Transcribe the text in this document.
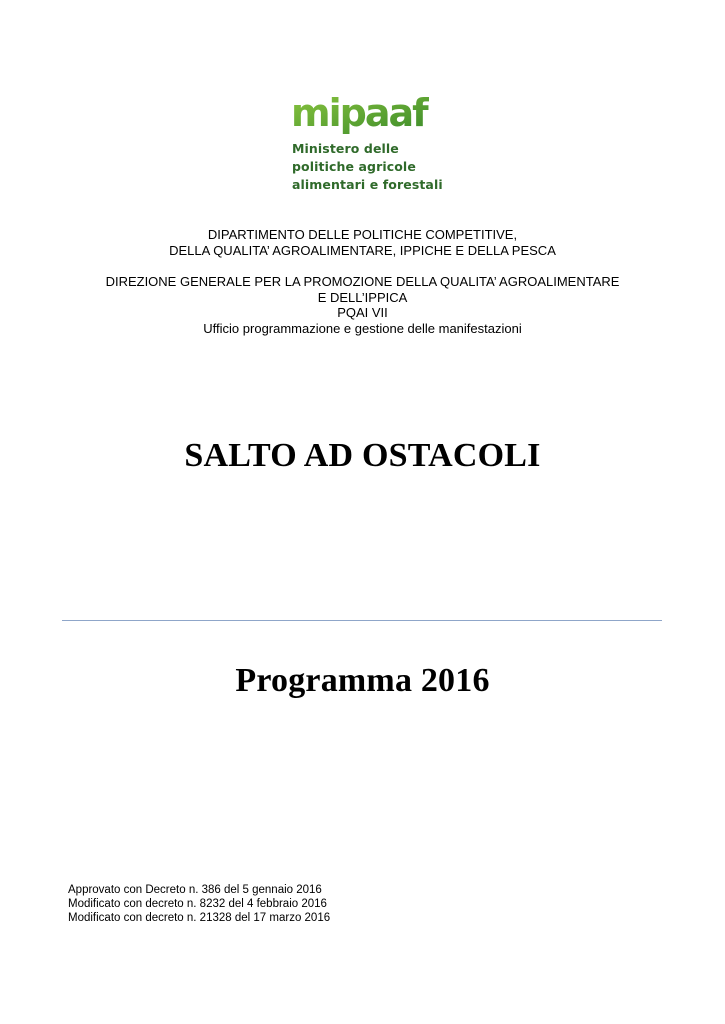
mipaaf
Ministero delle
politiche agricole
alimentari e forestali
DIPARTIMENTO DELLE POLITICHE COMPETITIVE,
DELLA QUALITA’ AGROALIMENTARE, IPPICHE E DELLA PESCA
DIREZIONE GENERALE PER LA PROMOZIONE DELLA QUALITA’ AGROALIMENTARE
E DELL’IPPICA
PQAI VII
Ufficio programmazione e gestione delle manifestazioni
SALTO AD OSTACOLI
Programma 2016
Approvato con Decreto n. 386 del 5 gennaio 2016
Modificato con decreto n. 8232 del 4 febbraio 2016
Modificato con decreto n. 21328 del 17 marzo 2016
